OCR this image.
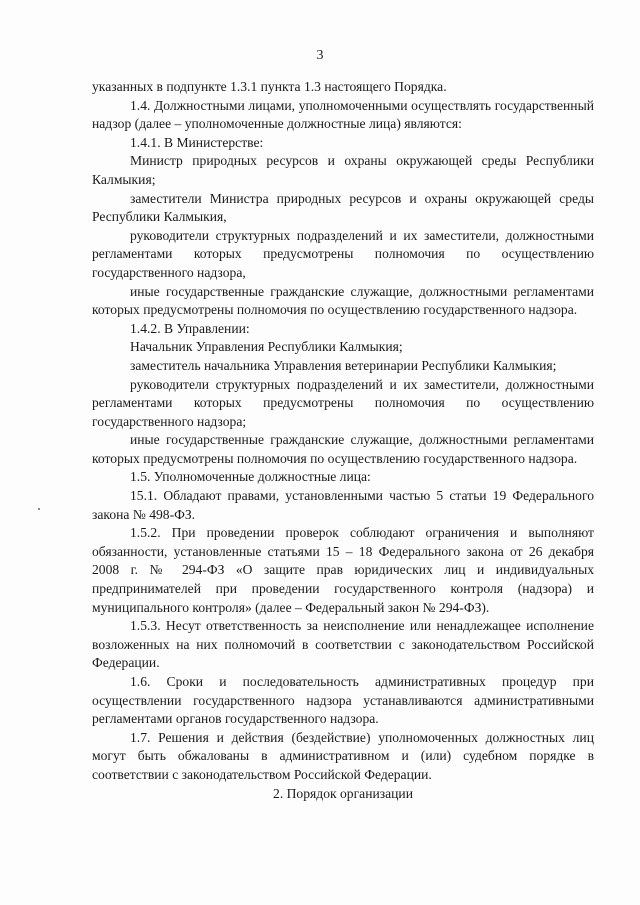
3

указанных в подпункте 1.3.1 пункта 1.3 настоящего Порядка.

1.4. Должностными лицами, уполномоченными осуществлять государственный надзор (далее – уполномоченные должностные лица) являются:

1.4.1. В Министерстве:

Министр природных ресурсов и охраны окружающей среды Республики Калмыкия;

заместители Министра природных ресурсов и охраны окружающей среды Республики Калмыкия,

руководители структурных подразделений и их заместители, должностными регламентами которых предусмотрены полномочия по осуществлению государственного надзора,

иные государственные гражданские служащие, должностными регламентами которых предусмотрены полномочия по осуществлению государственного надзора.

1.4.2. В Управлении:

Начальник Управления Республики Калмыкия;

заместитель начальника Управления ветеринарии Республики Калмыкия;

руководители структурных подразделений и их заместители, должностными регламентами которых предусмотрены полномочия по осуществлению государственного надзора;

иные государственные гражданские служащие, должностными регламентами которых предусмотрены полномочия по осуществлению государственного надзора.

1.5. Уполномоченные должностные лица:

15.1. Обладают правами, установленными частью 5 статьи 19 Федерального закона № 498-ФЗ.

1.5.2. При проведении проверок соблюдают ограничения и выполняют обязанности, установленные статьями 15 – 18 Федерального закона от 26 декабря 2008 г. № 294-ФЗ «О защите прав юридических лиц и индивидуальных предпринимателей при проведении государственного контроля (надзора) и муниципального контроля» (далее – Федеральный закон № 294-ФЗ).

1.5.3. Несут ответственность за неисполнение или ненадлежащее исполнение возложенных на них полномочий в соответствии с законодательством Российской Федерации.

1.6. Сроки и последовательность административных процедур при осуществлении государственного надзора устанавливаются административными регламентами органов государственного надзора.

1.7. Решения и действия (бездействие) уполномоченных должностных лиц могут быть обжалованы в административном и (или) судебном порядке в соответствии с законодательством Российской Федерации.

2. Порядок организации
